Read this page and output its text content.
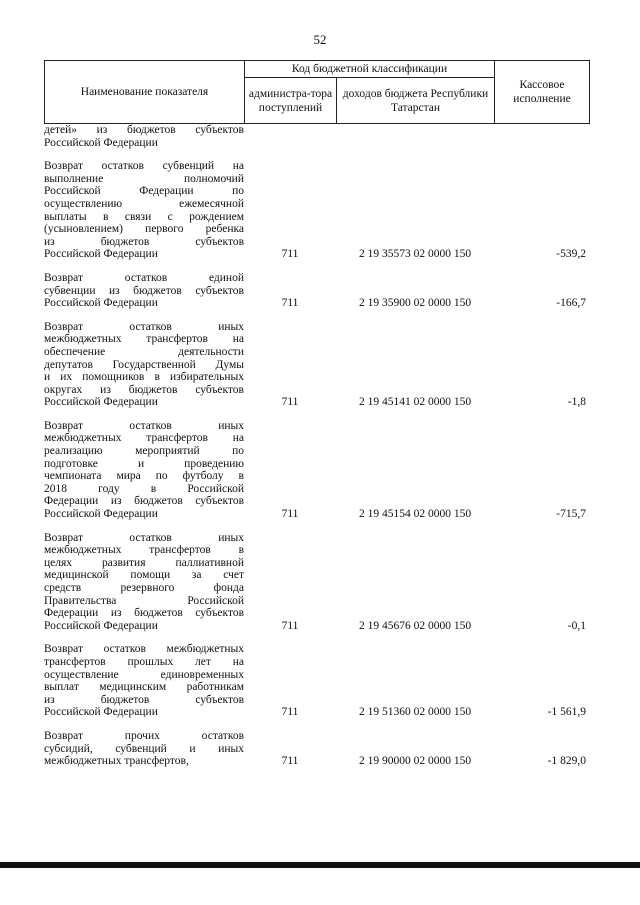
52
Наименование показателя	Код бюджетной классификации		Кассовое исполнение
	администра-тора поступлений	доходов бюджета Республики Татарстан	
детей» из бюджетов субъектов
Российской Федерации
Возврат остатков субвенций на
выполнение полномочий
Российской Федерации по
осуществлению ежемесячной
выплаты в связи с рождением
(усыновлением) первого ребенка
из бюджетов субъектов
Российской Федерации	711	2 19 35573 02 0000 150	-539,2
Возврат остатков единой
субвенции из бюджетов субъектов
Российской Федерации	711	2 19 35900 02 0000 150	-166,7
Возврат остатков иных
межбюджетных трансфертов на
обеспечение деятельности
депутатов Государственной Думы
и их помощников в избирательных
округах из бюджетов субъектов
Российской Федерации	711	2 19 45141 02 0000 150	-1,8
Возврат остатков иных
межбюджетных трансфертов на
реализацию мероприятий по
подготовке и проведению
чемпионата мира по футболу в
2018 году в Российской
Федерации из бюджетов субъектов
Российской Федерации	711	2 19 45154 02 0000 150	-715,7
Возврат остатков иных
межбюджетных трансфертов в
целях развития паллиативной
медицинской помощи за счет
средств резервного фонда
Правительства Российской
Федерации из бюджетов субъектов
Российской Федерации	711	2 19 45676 02 0000 150	-0,1
Возврат остатков межбюджетных
трансфертов прошлых лет на
осуществление единовременных
выплат медицинским работникам
из бюджетов субъектов
Российской Федерации	711	2 19 51360 02 0000 150	-1 561,9
Возврат прочих остатков
субсидий, субвенций и иных
межбюджетных трансфертов,	711	2 19 90000 02 0000 150	-1 829,0
